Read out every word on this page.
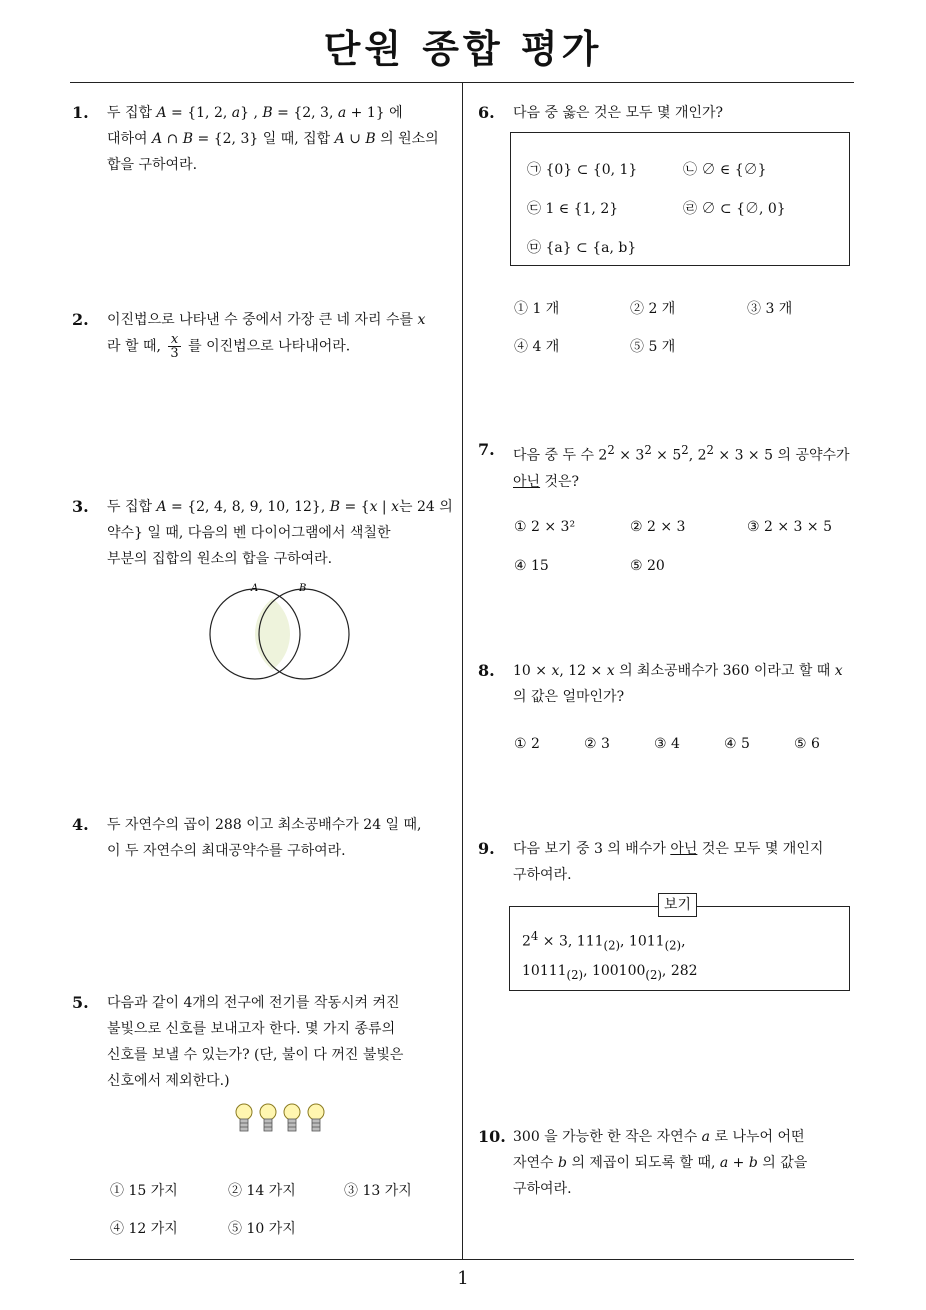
단원 종합 평가
1
1. 두 집합 A = {1, 2, a} , B = {2, 3, a + 1} 에

대하여 A ∩ B = {2, 3} 일 때, 집합 A ∪ B 의 원소의

합을 구하여라.

2. 이진법으로 나타낸 수 중에서 가장 큰 네 자리 수를 x

라 할 때, $\frac{x}{3}$ 를 이진법으로 나타내어라.

3. 두 집합 A = {2, 4, 8, 9, 10, 12}, B = {x | x는 24 의

약수} 일 때, 다음의 벤 다이어그램에서 색칠한

부분의 집합의 원소의 합을 구하여라.

A	B
4. 두 자연수의 곱이 288 이고 최소공배수가 24 일 때,

이 두 자연수의 최대공약수를 구하여라.

5. 다음과 같이 4개의 전구에 전기를 작동시켜 켜진

불빛으로 신호를 보내고자 한다. 몇 가지 종류의

신호를 보낼 수 있는가? (단, 불이 다 꺼진 불빛은

신호에서 제외한다.)

① 15 가지	② 14 가지	③ 13 가지
④ 12 가지	⑤ 10 가지
6. 다음 중 옳은 것은 모두 몇 개인가?

㉠ {0} ⊂ {0, 1}	㉡ ∅ ∈ {∅}
㉢ 1 ∈ {1, 2}	㉣ ∅ ⊂ {∅, 0}
㉤ {a} ⊂ {a, b}
① 1 개	② 2 개	③ 3 개
④ 4 개	⑤ 5 개
7. 다음 중 두 수 $2^2 \times 3^2 \times 5^2$, $2^2 \times 3 \times 5$ 의 공약수가

아닌 것은?

① 2 × 3²	② 2 × 3	③ 2 × 3 × 5
④ 15	⑤ 20
8. 10 × x, 12 × x 의 최소공배수가 360 이라고 할 때 x

의 값은 얼마인가?

① 2	② 3	③ 4	④ 5	⑤ 6
9. 다음 보기 중 3 의 배수가 아닌 것은 모두 몇 개인지

구하여라.

보기
$2^4 \times 3$, $111_{(2)}$, $1011_{(2)}$,
$10111_{(2)}$, $100100_{(2)}$, 282
10. 300 을 가능한 한 작은 자연수 a 로 나누어 어떤

자연수 b 의 제곱이 되도록 할 때, a + b 의 값을

구하여라.
